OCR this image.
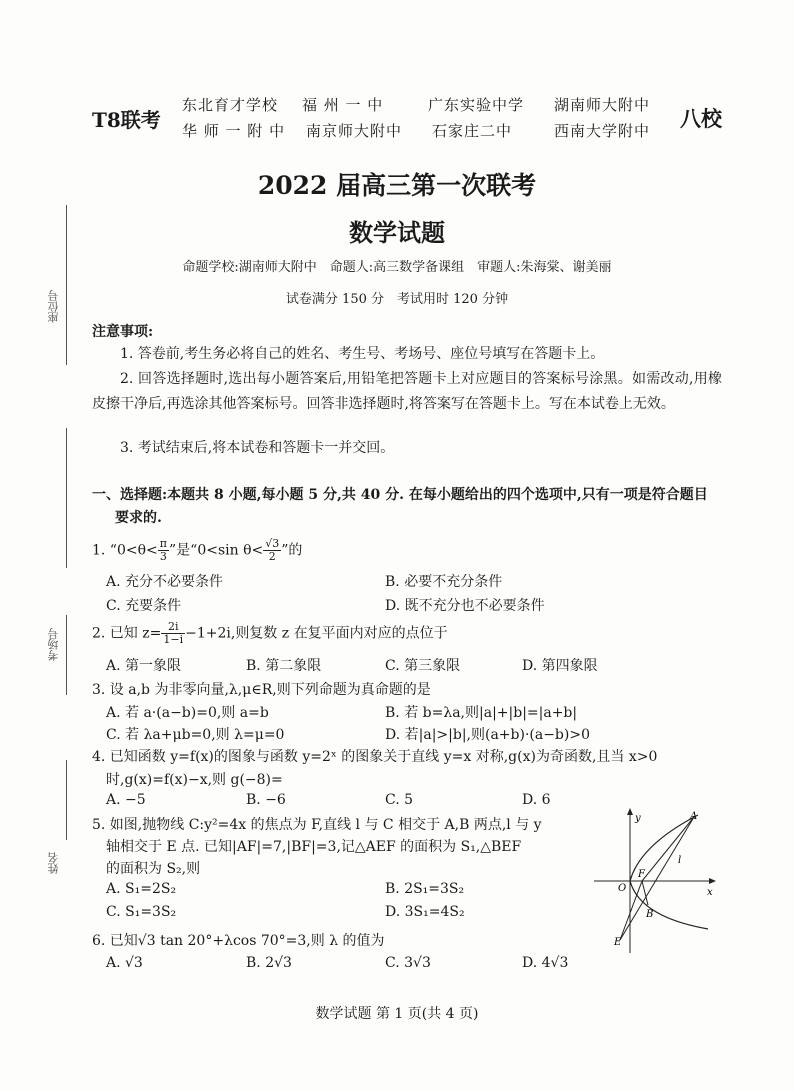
T8联考	八校
东北育才学校 福 州 一 中	广东实验中学 湖南师大附中
华 师 一 附 中 南京师大附中 石家庄二中	西南大学附中
2022 届高三第一次联考
数学试题
命题学校:湖南师大附中　命题人:高三数学备课组　审题人:朱海棠、谢美丽
试卷满分 150 分　考试用时 120 分钟
座位号
考场号
姓名
注意事项:
1. 答卷前,考生务必将自己的姓名、考生号、考场号、座位号填写在答题卡上。
2. 回答选择题时,选出每小题答案后,用铅笔把答题卡上对应题目的答案标号涂黑。如需改动,用橡皮擦干净后,再选涂其他答案标号。回答非选择题时,将答案写在答题卡上。写在本试卷上无效。
3. 考试结束后,将本试卷和答题卡一并交回。
一、选择题:本题共 8 小题,每小题 5 分,共 40 分. 在每小题给出的四个选项中,只有一项是符合题目
要求的.
1. “$0<\theta< \frac{\pi}{3}$ ”是“0<sin $\theta< \frac{√3}{2}$ ”的
A. 充分不必要条件	B. 必要不充分条件
C. 充要条件	D. 既不充分也不必要条件
2. 已知 $z= \frac{2i}{1-i} -1+2i$,则复数 z 在复平面内对应的点位于
A. 第一象限	B. 第二象限	C. 第三象限	D. 第四象限
3. 设 a,b 为非零向量,λ,μ∈R,则下列命题为真命题的是
A. 若 a·(a−b)=0,则 a=b	B. 若 b=λa,则|a|+|b|=|a+b|
C. 若 λa+μb=0,则 λ=μ=0	D. 若|a|>|b|,则(a+b)·(a−b)>0
4. 已知函数 y=f(x)的图象与函数 y=2ˣ 的图象关于直线 y=x 对称,g(x)为奇函数,且当 x>0
时,g(x)=f(x)−x,则 g(−8)=
A. −5	B. −6	C. 5	D. 6
5. 如图,抛物线 C:y²=4x 的焦点为 F,直线 l 与 C 相交于 A,B 两点,l 与 y
轴相交于 E 点. 已知|AF|=7,|BF|=3,记△AEF 的面积为 S₁,△BEF
的面积为 S₂,则
A. S₁=2S₂	B. 2S₁=3S₂
C. S₁=3S₂	D. 3S₁=4S₂
6. 已知√3 tan 20°+λcos 70°=3,则 λ 的值为
A. √3	B. 2√3	C. 3√3	D. 4√3
y
x
O
A
F
B
l
E
数学试题 第 1 页(共 4 页)
